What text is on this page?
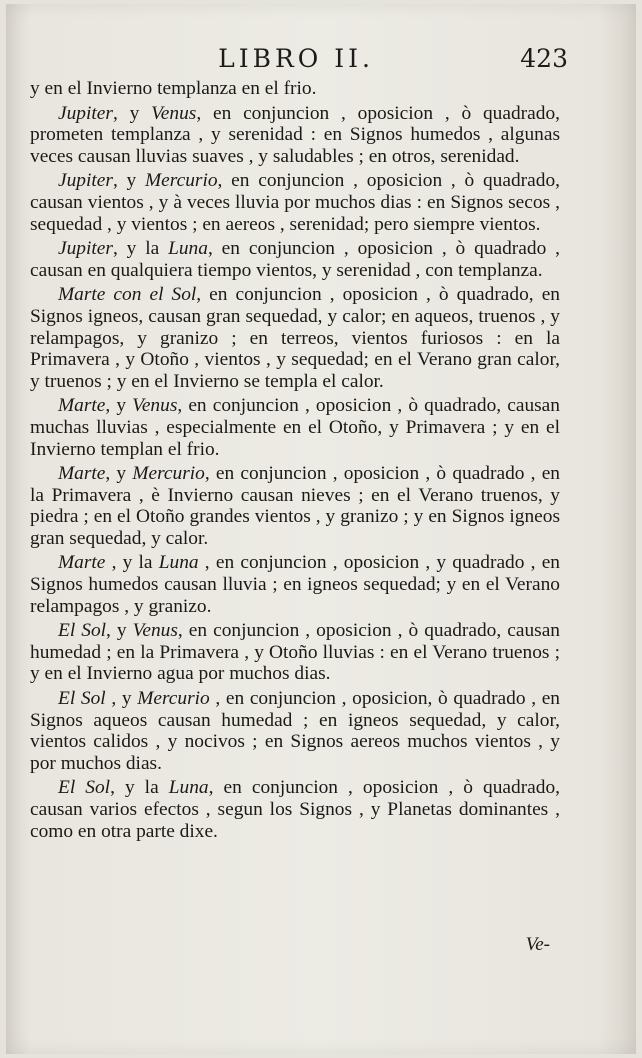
LIBRO II.	423

y en el Invierno templanza en el frio.

Jupiter, y Venus, en conjuncion , oposicion , ò quadrado, prometen templanza , y serenidad : en Signos humedos , algunas veces causan lluvias suaves , y saludables ; en otros, serenidad.

Jupiter, y Mercurio, en conjuncion , oposicion , ò quadrado, causan vientos , y à veces lluvia por muchos dias : en Signos secos , sequedad , y vientos ; en aereos , serenidad; pero siempre vientos.

Jupiter, y la Luna, en conjuncion , oposicion , ò quadrado , causan en qualquiera tiempo vientos, y serenidad , con templanza.

Marte con el Sol, en conjuncion , oposicion , ò quadrado, en Signos igneos, causan gran sequedad, y calor; en aqueos, truenos , y relampagos, y granizo ; en terreos, vientos furiosos : en la Primavera , y Otoño , vientos , y sequedad; en el Verano gran calor, y truenos ; y en el Invierno se templa el calor.

Marte, y Venus, en conjuncion , oposicion , ò quadrado, causan muchas lluvias , especialmente en el Otoño, y Primavera ; y en el Invierno templan el frio.

Marte, y Mercurio, en conjuncion , oposicion , ò quadrado , en la Primavera , è Invierno causan nieves ; en el Verano truenos, y piedra ; en el Otoño grandes vientos , y granizo ; y en Signos igneos gran sequedad, y calor.

Marte , y la Luna , en conjuncion , oposicion , y quadrado , en Signos humedos causan lluvia ; en igneos sequedad; y en el Verano relampagos , y granizo.

El Sol, y Venus, en conjuncion , oposicion , ò quadrado, causan humedad ; en la Primavera , y Otoño lluvias : en el Verano truenos ; y en el Invierno agua por muchos dias.

El Sol , y Mercurio , en conjuncion , oposicion, ò quadrado , en Signos aqueos causan humedad ; en igneos sequedad, y calor, vientos calidos , y nocivos ; en Signos aereos muchos vientos , y por muchos dias.

El Sol, y la Luna, en conjuncion , oposicion , ò quadrado, causan varios efectos , segun los Signos , y Planetas dominantes , como en otra parte dixe.

Ve-
